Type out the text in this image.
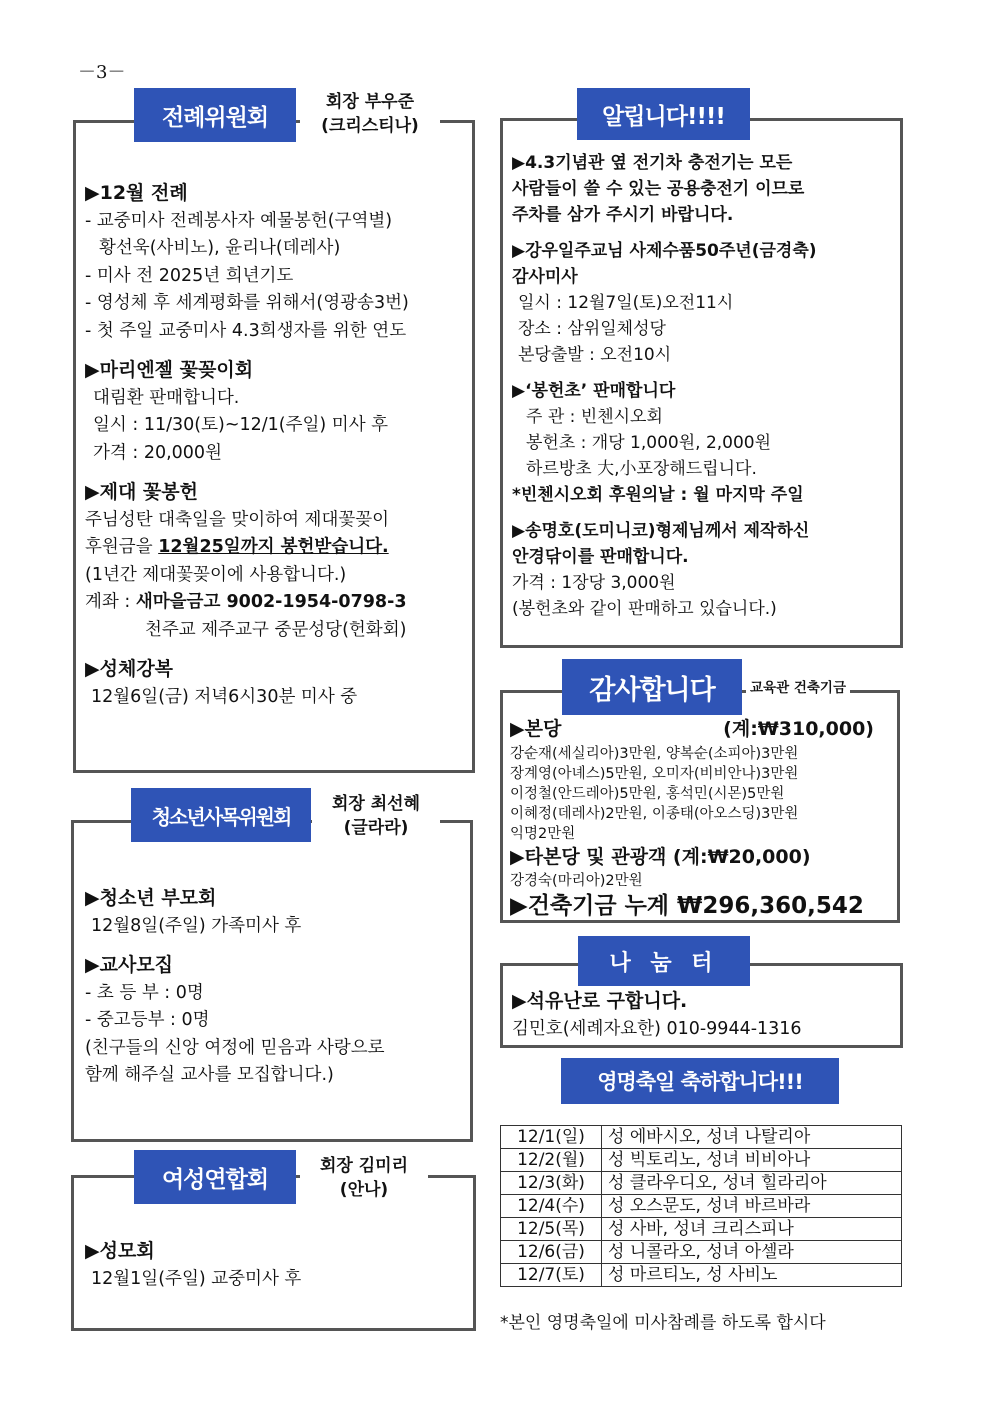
－3－
전례위원회
회장 부우준
(크리스티나)
▶12월 전례
- 교중미사 전례봉사자 예물봉헌(구역별)
황선욱(사비노), 윤리나(데레사)
- 미사 전 2025년 희년기도
- 영성체 후 세계평화를 위해서(영광송3번)
- 첫 주일 교중미사 4.3희생자를 위한 연도
▶마리엔젤 꽃꽂이회
대림환 판매합니다.
일시 : 11/30(토)~12/1(주일) 미사 후
가격 : 20,000원
▶제대 꽃봉헌
주님성탄 대축일을 맞이하여 제대꽃꽂이
후원금을 12월25일까지 봉헌받습니다.
(1년간 제대꽃꽂이에 사용합니다.)
계좌 : 새마을금고 9002-1954-0798-3
천주교 제주교구 중문성당(헌화회)
▶성체강복
12월6일(금) 저녁6시30분 미사 중
청소년사목위원회
회장 최선혜
(글라라)
▶청소년 부모회
12월8일(주일) 가족미사 후
▶교사모집
- 초 등 부 : 0명
- 중고등부 : 0명
(친구들의 신앙 여정에 믿음과 사랑으로
함께 해주실 교사를 모집합니다.)
여성연합회
회장 김미리
(안나)
▶성모회
12월1일(주일) 교중미사 후
알립니다!!!!
▶4.3기념관 옆 전기차 충전기는 모든
사람들이 쓸 수 있는 공용충전기 이므로
주차를 삼가 주시기 바랍니다.
▶강우일주교님 사제수품50주년(금경축)
감사미사
일시 : 12월7일(토)오전11시
장소 : 삼위일체성당
본당출발 : 오전10시
▶‘봉헌초’ 판매합니다
주 관 : 빈첸시오회
봉헌초 : 개당 1,000원, 2,000원
하르방초 大,小포장해드립니다.
*빈첸시오회 후원의날 : 월 마지막 주일
▶송명호(도미니코)형제님께서 제작하신
안경닦이를 판매합니다.
가격 : 1장당 3,000원
(봉헌초와 같이 판매하고 있습니다.)
감사합니다	교육관 건축기금
▶본당	(계:₩310,000)
강순재(세실리아)3만원, 양복순(소피아)3만원
장계영(아녜스)5만원, 오미자(비비안나)3만원
이정철(안드레아)5만원, 홍석민(시몬)5만원
이혜정(데레사)2만원, 이종태(아오스딩)3만원
익명2만원
▶타본당 및 관광객 (계:₩20,000)
강경숙(마리아)2만원
▶건축기금 누계 ₩296,360,542
나 눔 터
▶석유난로 구합니다.
김민호(세례자요한) 010-9944-1316
영명축일 축하합니다!!!
12/1(일)	성 에바시오, 성녀 나탈리아
12/2(월)	성 빅토리노, 성녀 비비아나
12/3(화)	성 클라우디오, 성녀 힐라리아
12/4(수)	성 오스문도, 성녀 바르바라
12/5(목)	성 사바, 성녀 크리스피나
12/6(금)	성 니콜라오, 성녀 아셀라
12/7(토)	성 마르티노, 성 사비노
*본인 영명축일에 미사참례를 하도록 합시다
